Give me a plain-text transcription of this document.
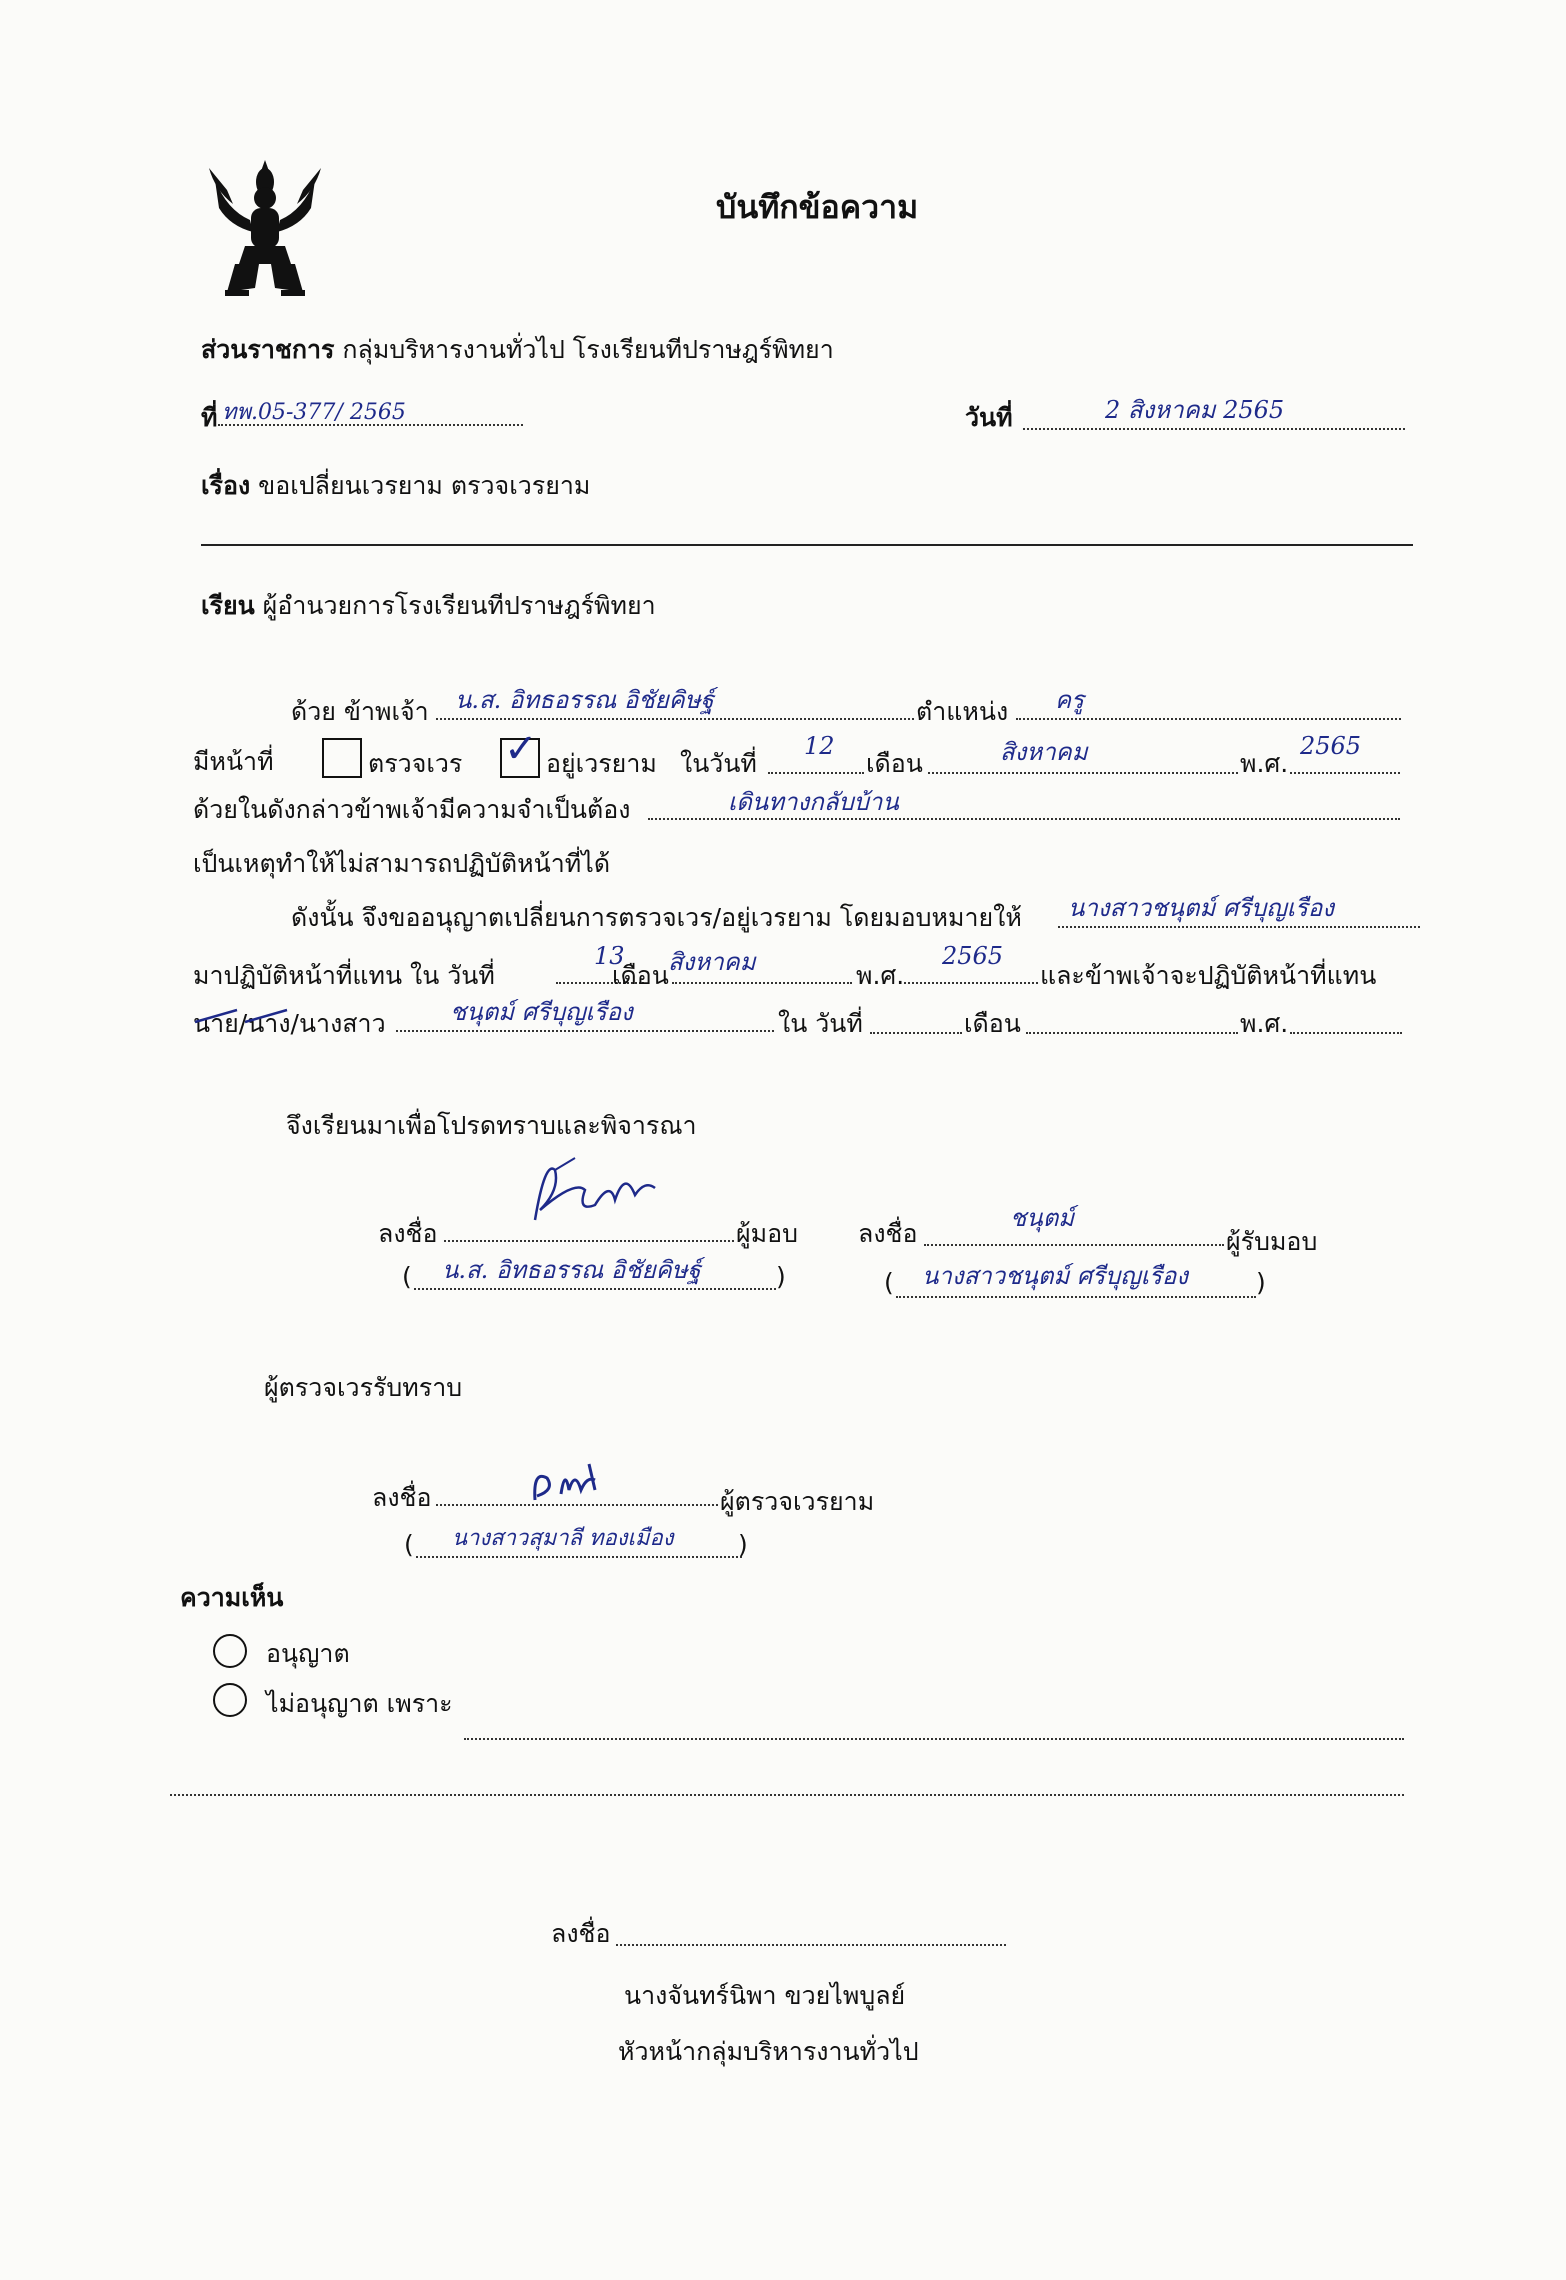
บันทึกข้อความ
ส่วนราชการ กลุ่มบริหารงานทั่วไป โรงเรียนทีปราษฎร์พิทยา
ที่ ทพ.05-377/ 2565	วันที่	2 สิงหาคม 2565
เรื่อง ขอเปลี่ยนเวรยาม ตรวจเวรยาม
เรียน ผู้อำนวยการโรงเรียนทีปราษฎร์พิทยา
ด้วย ข้าพเจ้า น.ส. อิทธอรรณ อิชัยคิษฐ์	ตำแหน่ง ครู
มีหน้าที่	ตรวจเวร ✓ อยู่เวรยาม ในวันที่
12
เดือน	สิงหาคม	พ.ศ.
2565
ด้วยในดังกล่าวข้าพเจ้ามีความจำเป็นต้อง	เดินทางกลับบ้าน
เป็นเหตุทำให้ไม่สามารถปฏิบัติหน้าที่ได้
ดังนั้น จึงขออนุญาตเปลี่ยนการตรวจเวร/อยู่เวรยาม โดยมอบหมายให้ นางสาวชนุตม์ ศรีบุญเรือง
มาปฏิบัติหน้าที่แทน ใน วันที่
13
เดือน สิงหาคม	พ.ศ.
2565
และข้าพเจ้าจะปฏิบัติหน้าที่แทน
นาย/นาง/นางสาว	ชนุตม์ ศรีบุญเรือง	ใน วันที่	เดือน	พ.ศ.
จึงเรียนมาเพื่อโปรดทราบและพิจารณา
ลงชื่อ	ผู้มอบ
( น.ส. อิทธอรรณ อิชัยคิษฐ์	)
ลงชื่อ
ชนุตม์
ผู้รับมอบ
( นางสาวชนุตม์ ศรีบุญเรือง	)
ผู้ตรวจเวรรับทราบ
ลงชื่อ	ผู้ตรวจเวรยาม
( นางสาวสุมาลี ทองเมือง	)
ความเห็น
อนุญาต
ไม่อนุญาต เพราะ
ลงชื่อ
นางจันทร์นิพา ขวยไพบูลย์
หัวหน้ากลุ่มบริหารงานทั่วไป
